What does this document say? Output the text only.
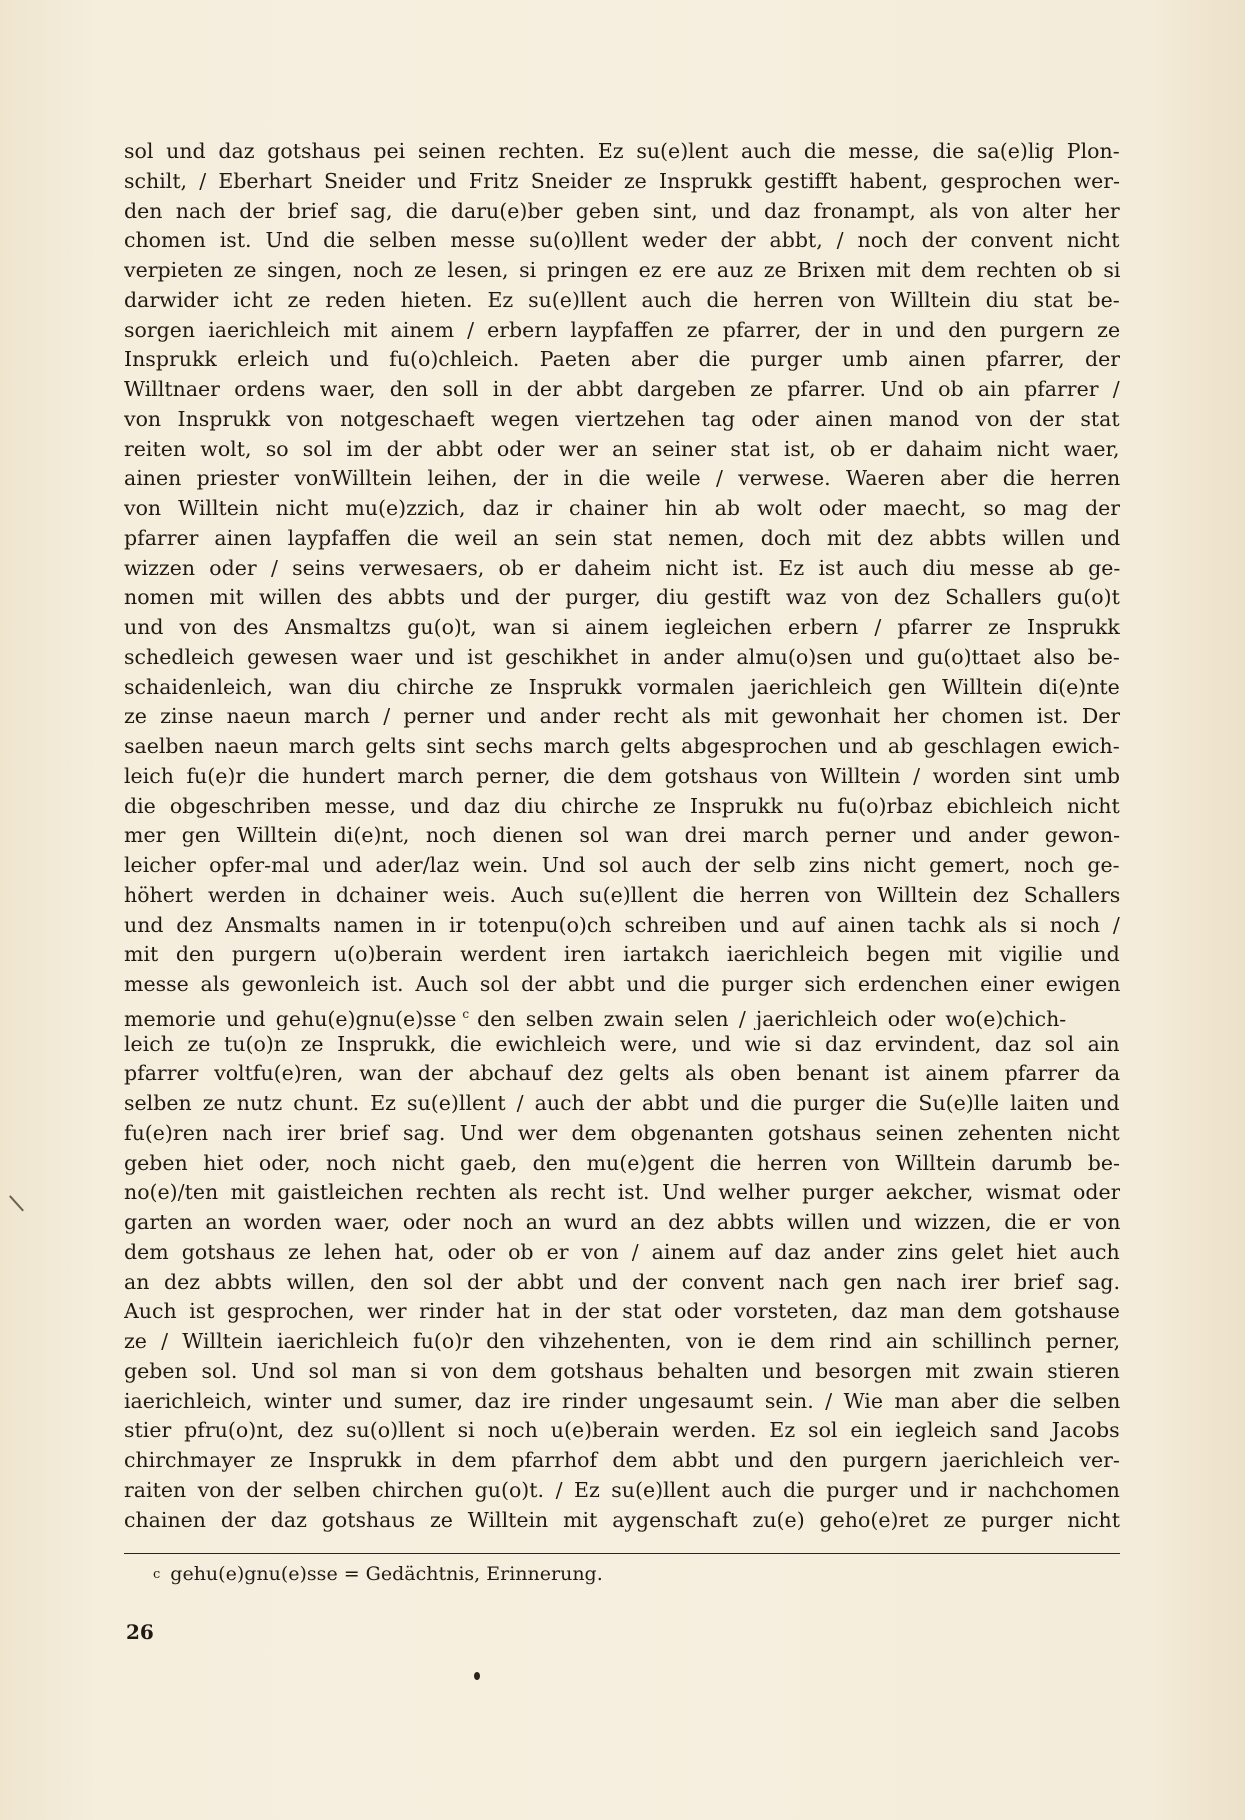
sol und daz gotshaus pei seinen rechten. Ez su(e)lent auch die messe, die sa(e)lig Plon-
schilt, / Eberhart Sneider und Fritz Sneider ze Insprukk gestifft habent, gesprochen wer-
den nach der brief sag, die daru(e)ber geben sint, und daz fronampt, als von alter her
chomen ist. Und die selben messe su(o)llent weder der abbt, / noch der convent nicht
verpieten ze singen, noch ze lesen, si pringen ez ere auz ze Brixen mit dem rechten ob si
darwider icht ze reden hieten. Ez su(e)llent auch die herren von Willtein diu stat be-
sorgen iaerichleich mit ainem / erbern laypfaffen ze pfarrer, der in und den purgern ze
Insprukk erleich und fu(o)chleich. Paeten aber die purger umb ainen pfarrer, der
Willtnaer ordens waer, den soll in der abbt dargeben ze pfarrer. Und ob ain pfarrer /
von Insprukk von notgeschaeft wegen viertzehen tag oder ainen manod von der stat
reiten wolt, so sol im der abbt oder wer an seiner stat ist, ob er dahaim nicht waer,
ainen priester vonWilltein leihen, der in die weile / verwese. Waeren aber die herren
von Willtein nicht mu(e)zzich, daz ir chainer hin ab wolt oder maecht, so mag der
pfarrer ainen laypfaffen die weil an sein stat nemen, doch mit dez abbts willen und
wizzen oder / seins verwesaers, ob er daheim nicht ist. Ez ist auch diu messe ab ge-
nomen mit willen des abbts und der purger, diu gestift waz von dez Schallers gu(o)t
und von des Ansmaltzs gu(o)t, wan si ainem iegleichen erbern / pfarrer ze Insprukk
schedleich gewesen waer und ist geschikhet in ander almu(o)sen und gu(o)ttaet also be-
schaidenleich, wan diu chirche ze Insprukk vormalen jaerichleich gen Willtein di(e)nte
ze zinse naeun march / perner und ander recht als mit gewonhait her chomen ist. Der
saelben naeun march gelts sint sechs march gelts abgesprochen und ab geschlagen ewich-
leich fu(e)r die hundert march perner, die dem gotshaus von Willtein / worden sint umb
die obgeschriben messe, und daz diu chirche ze Insprukk nu fu(o)rbaz ebichleich nicht
mer gen Willtein di(e)nt, noch dienen sol wan drei march perner und ander gewon-
leicher opfer-mal und ader/laz wein. Und sol auch der selb zins nicht gemert, noch ge-
höhert werden in dchainer weis. Auch su(e)llent die herren von Willtein dez Schallers
und dez Ansmalts namen in ir totenpu(o)ch schreiben und auf ainen tachk als si noch /
mit den purgern u(o)berain werdent iren iartakch iaerichleich begen mit vigilie und
messe als gewonleich ist. Auch sol der abbt und die purger sich erdenchen einer ewigen
memorie und gehu(e)gnu(e)sse $^c$ den selben zwain selen / jaerichleich oder wo(e)chich-
leich ze tu(o)n ze Insprukk, die ewichleich were, und wie si daz ervindent, daz sol ain
pfarrer voltfu(e)ren, wan der abchauf dez gelts als oben benant ist ainem pfarrer da
selben ze nutz chunt. Ez su(e)llent / auch der abbt und die purger die Su(e)lle laiten und
fu(e)ren nach irer brief sag. Und wer dem obgenanten gotshaus seinen zehenten nicht
geben hiet oder, noch nicht gaeb, den mu(e)gent die herren von Willtein darumb be-
no(e)/ten mit gaistleichen rechten als recht ist. Und welher purger aekcher, wismat oder
garten an worden waer, oder noch an wurd an dez abbts willen und wizzen, die er von
dem gotshaus ze lehen hat, oder ob er von / ainem auf daz ander zins gelet hiet auch
an dez abbts willen, den sol der abbt und der convent nach gen nach irer brief sag.
Auch ist gesprochen, wer rinder hat in der stat oder vorsteten, daz man dem gotshause
ze / Willtein iaerichleich fu(o)r den vihzehenten, von ie dem rind ain schillinch perner,
geben sol. Und sol man si von dem gotshaus behalten und besorgen mit zwain stieren
iaerichleich, winter und sumer, daz ire rinder ungesaumt sein. / Wie man aber die selben
stier pfru(o)nt, dez su(o)llent si noch u(e)berain werden. Ez sol ein iegleich sand Jacobs
chirchmayer ze Insprukk in dem pfarrhof dem abbt und den purgern jaerichleich ver-
raiten von der selben chirchen gu(o)t. / Ez su(e)llent auch die purger und ir nachchomen
chainen der daz gotshaus ze Willtein mit aygenschaft zu(e) geho(e)ret ze purger nicht
c gehu(e)gnu(e)sse = Gedächtnis, Erinnerung.
26
